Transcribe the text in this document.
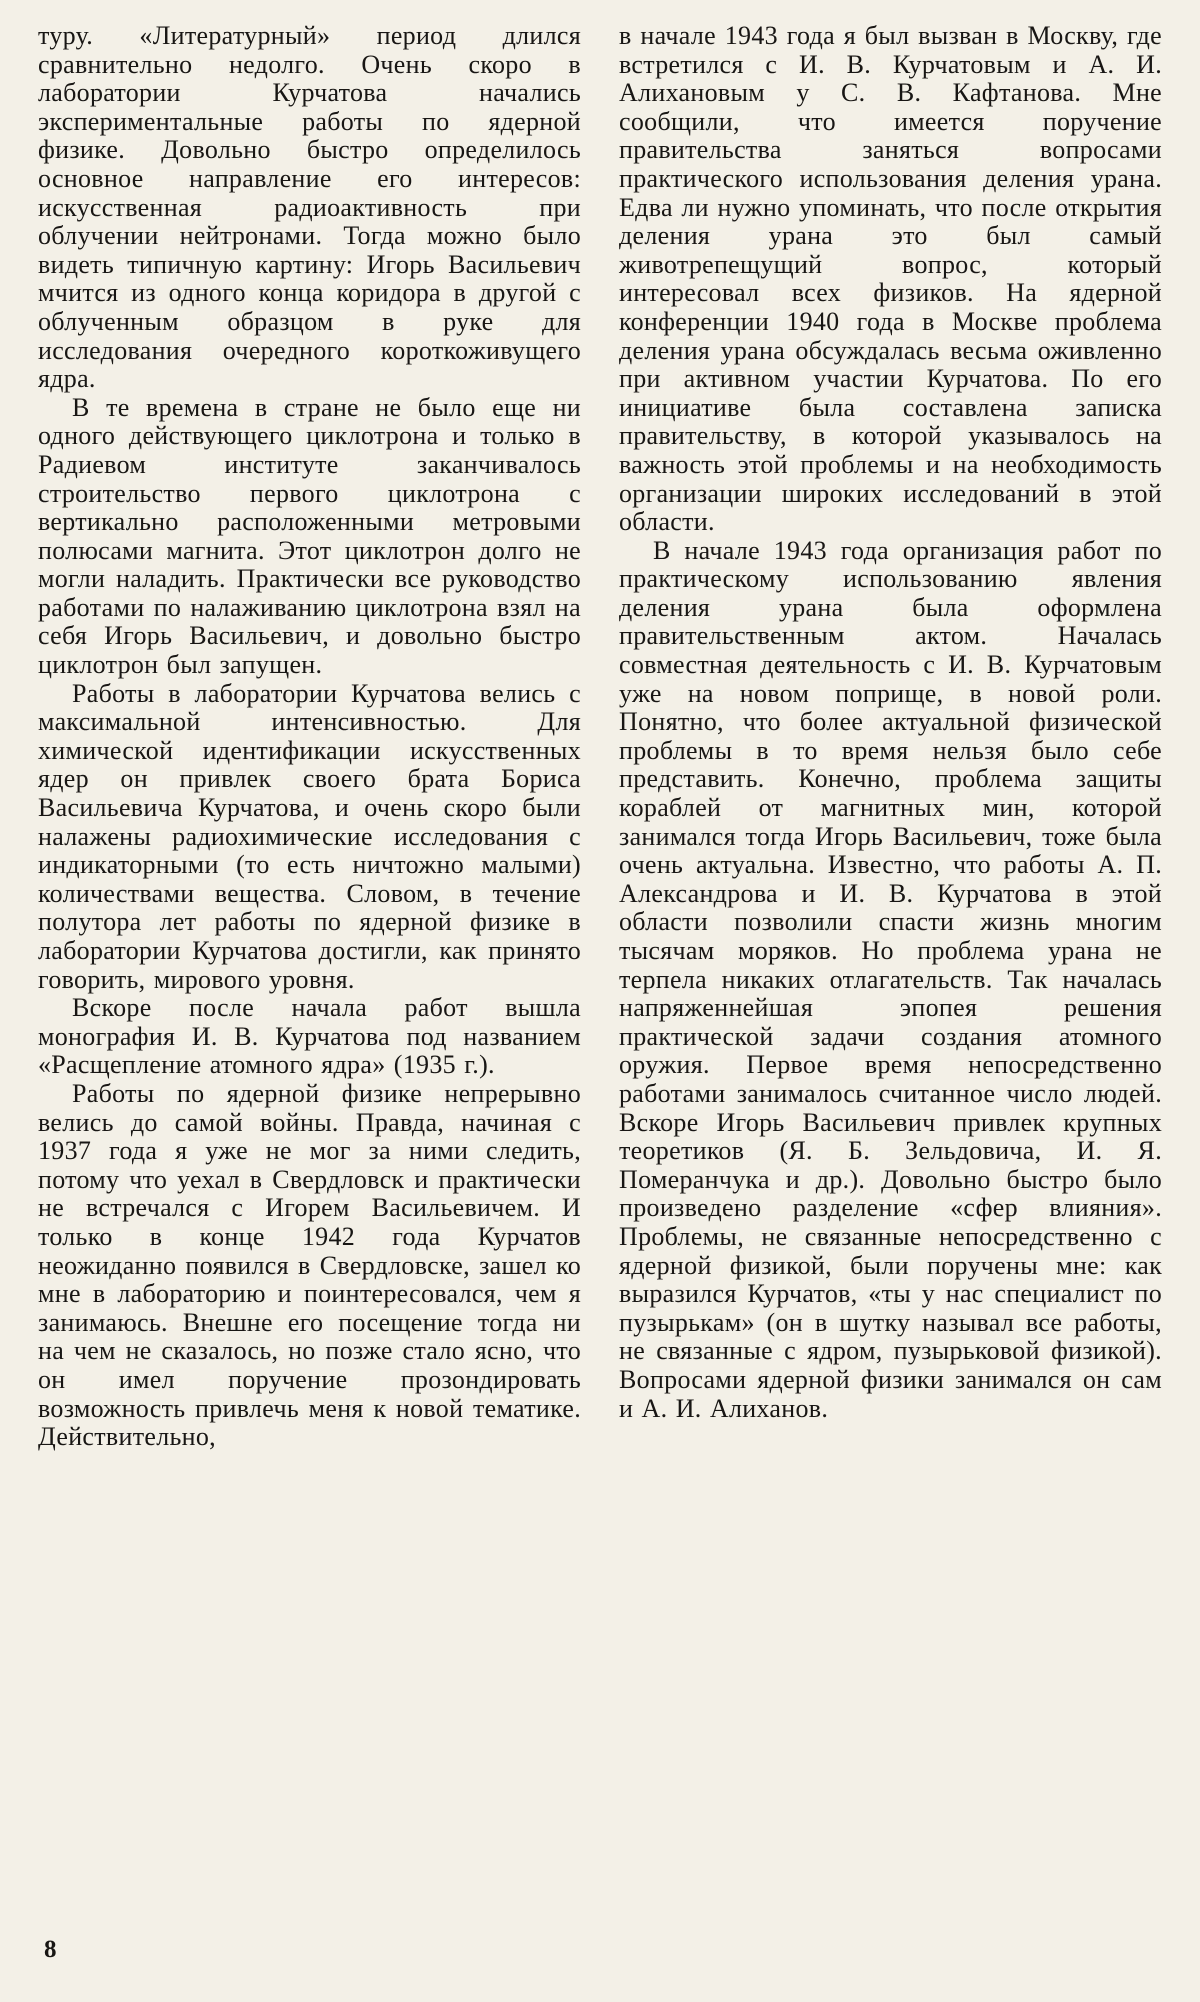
туру. «Литературный» период длился сравнительно недолго. Очень скоро в лаборатории Курчатова начались экспериментальные работы по ядерной физике. Довольно быстро определилось основное направление его интересов: искусственная радиоактивность при облучении нейтронами. Тогда можно было видеть типичную картину: Игорь Васильевич мчится из одного конца коридора в другой с облученным образцом в руке для исследования очередного короткоживущего ядра.

В те времена в стране не было еще ни одного действующего циклотрона и только в Радиевом институте заканчивалось строительство первого циклотрона с вертикально расположенными метровыми полюсами магнита. Этот циклотрон долго не могли наладить. Практически все руководство работами по налаживанию циклотрона взял на себя Игорь Васильевич, и довольно быстро циклотрон был запущен.

Работы в лаборатории Курчатова велись с максимальной интенсивностью. Для химической идентификации искусственных ядер он привлек своего брата Бориса Васильевича Курчатова, и очень скоро были налажены радиохимические исследования с индикаторными (то есть ничтожно малыми) количествами вещества. Словом, в течение полутора лет работы по ядерной физике в лаборатории Курчатова достигли, как принято говорить, мирового уровня.

Вскоре после начала работ вышла монография И. В. Курчатова под названием «Расщепление атомного ядра» (1935 г.).

Работы по ядерной физике непрерывно велись до самой войны. Правда, начиная с 1937 года я уже не мог за ними следить, потому что уехал в Свердловск и практически не встречался с Игорем Васильевичем. И только в конце 1942 года Курчатов неожиданно появился в Свердловске, зашел ко мне в лабораторию и поинтересовался, чем я занимаюсь. Внешне его посещение тогда ни на чем не сказалось, но позже стало ясно, что он имел поручение прозондировать возможность привлечь меня к новой тематике. Действительно,

в начале 1943 года я был вызван в Москву, где встретился с И. В. Курчатовым и А. И. Алихановым у С. В. Кафтанова. Мне сообщили, что имеется поручение правительства заняться вопросами практического использования деления урана. Едва ли нужно упоминать, что после открытия деления урана это был самый животрепещущий вопрос, который интересовал всех физиков. На ядерной конференции 1940 года в Москве проблема деления урана обсуждалась весьма оживленно при активном участии Курчатова. По его инициативе была составлена записка правительству, в которой указывалось на важность этой проблемы и на необходимость организации широких исследований в этой области.

В начале 1943 года организация работ по практическому использованию явления деления урана была оформлена правительственным актом. Началась совместная деятельность с И. В. Курчатовым уже на новом поприще, в новой роли. Понятно, что более актуальной физической проблемы в то время нельзя было себе представить. Конечно, проблема защиты кораблей от магнитных мин, которой занимался тогда Игорь Васильевич, тоже была очень актуальна. Известно, что работы А. П. Александрова и И. В. Курчатова в этой области позволили спасти жизнь многим тысячам моряков. Но проблема урана не терпела никаких отлагательств. Так началась напряженнейшая эпопея решения практической задачи создания атомного оружия. Первое время непосредственно работами занималось считанное число людей. Вскоре Игорь Васильевич привлек крупных теоретиков (Я. Б. Зельдовича, И. Я. Померанчука и др.). Довольно быстро было произведено разделение «сфер влияния». Проблемы, не связанные непосредственно с ядерной физикой, были поручены мне: как выразился Курчатов, «ты у нас специалист по пузырькам» (он в шутку называл все работы, не связанные с ядром, пузырьковой физикой). Вопросами ядерной физики занимался он сам и А. И. Алиханов.

8
